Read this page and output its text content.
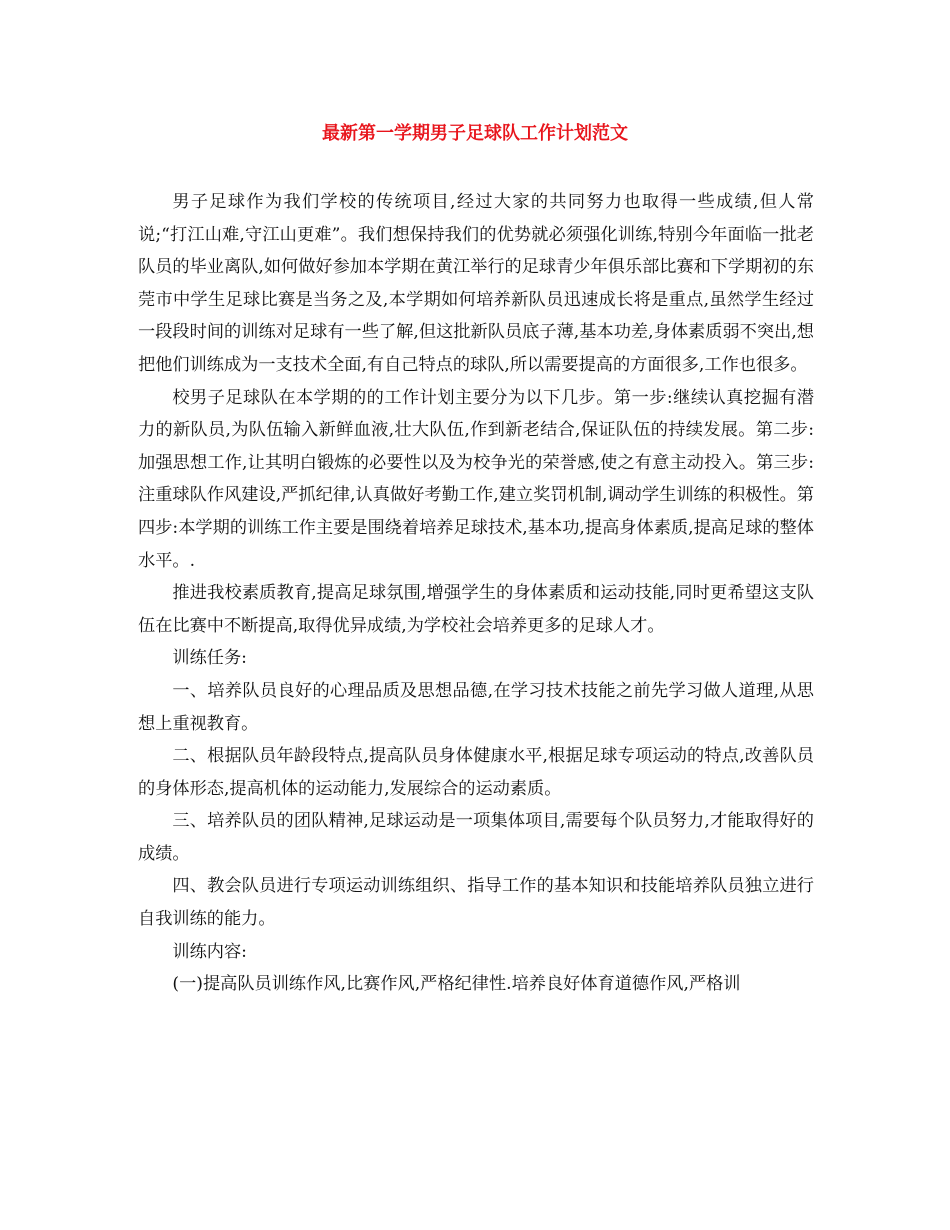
最新第一学期男子足球队工作计划范文

男子足球作为我们学校的传统项目,经过大家的共同努力也取得一些成绩,但人常说;“打江山难,守江山更难”。我们想保持我们的优势就必须强化训练,特别今年面临一批老队员的毕业离队,如何做好参加本学期在黄江举行的足球青少年俱乐部比赛和下学期初的东莞市中学生足球比赛是当务之及,本学期如何培养新队员迅速成长将是重点,虽然学生经过一段段时间的训练对足球有一些了解,但这批新队员底子薄,基本功差,身体素质弱不突出,想把他们训练成为一支技术全面,有自己特点的球队,所以需要提高的方面很多,工作也很多。

校男子足球队在本学期的的工作计划主要分为以下几步。第一步:继续认真挖掘有潜力的新队员,为队伍输入新鲜血液,壮大队伍,作到新老结合,保证队伍的持续发展。第二步:加强思想工作,让其明白锻炼的必要性以及为校争光的荣誉感,使之有意主动投入。第三步:注重球队作风建设,严抓纪律,认真做好考勤工作,建立奖罚机制,调动学生训练的积极性。第四步:本学期的训练工作主要是围绕着培养足球技术,基本功,提高身体素质,提高足球的整体水平。.

推进我校素质教育,提高足球氛围,增强学生的身体素质和运动技能,同时更希望这支队伍在比赛中不断提高,取得优异成绩,为学校社会培养更多的足球人才。

训练任务:

一、培养队员良好的心理品质及思想品德,在学习技术技能之前先学习做人道理,从思想上重视教育。

二、根据队员年龄段特点,提高队员身体健康水平,根据足球专项运动的特点,改善队员的身体形态,提高机体的运动能力,发展综合的运动素质。

三、培养队员的团队精神,足球运动是一项集体项目,需要每个队员努力,才能取得好的成绩。

四、教会队员进行专项运动训练组织、指导工作的基本知识和技能培养队员独立进行自我训练的能力。

训练内容:

(一)提高队员训练作风,比赛作风,严格纪律性.培养良好体育道德作风,严格训
